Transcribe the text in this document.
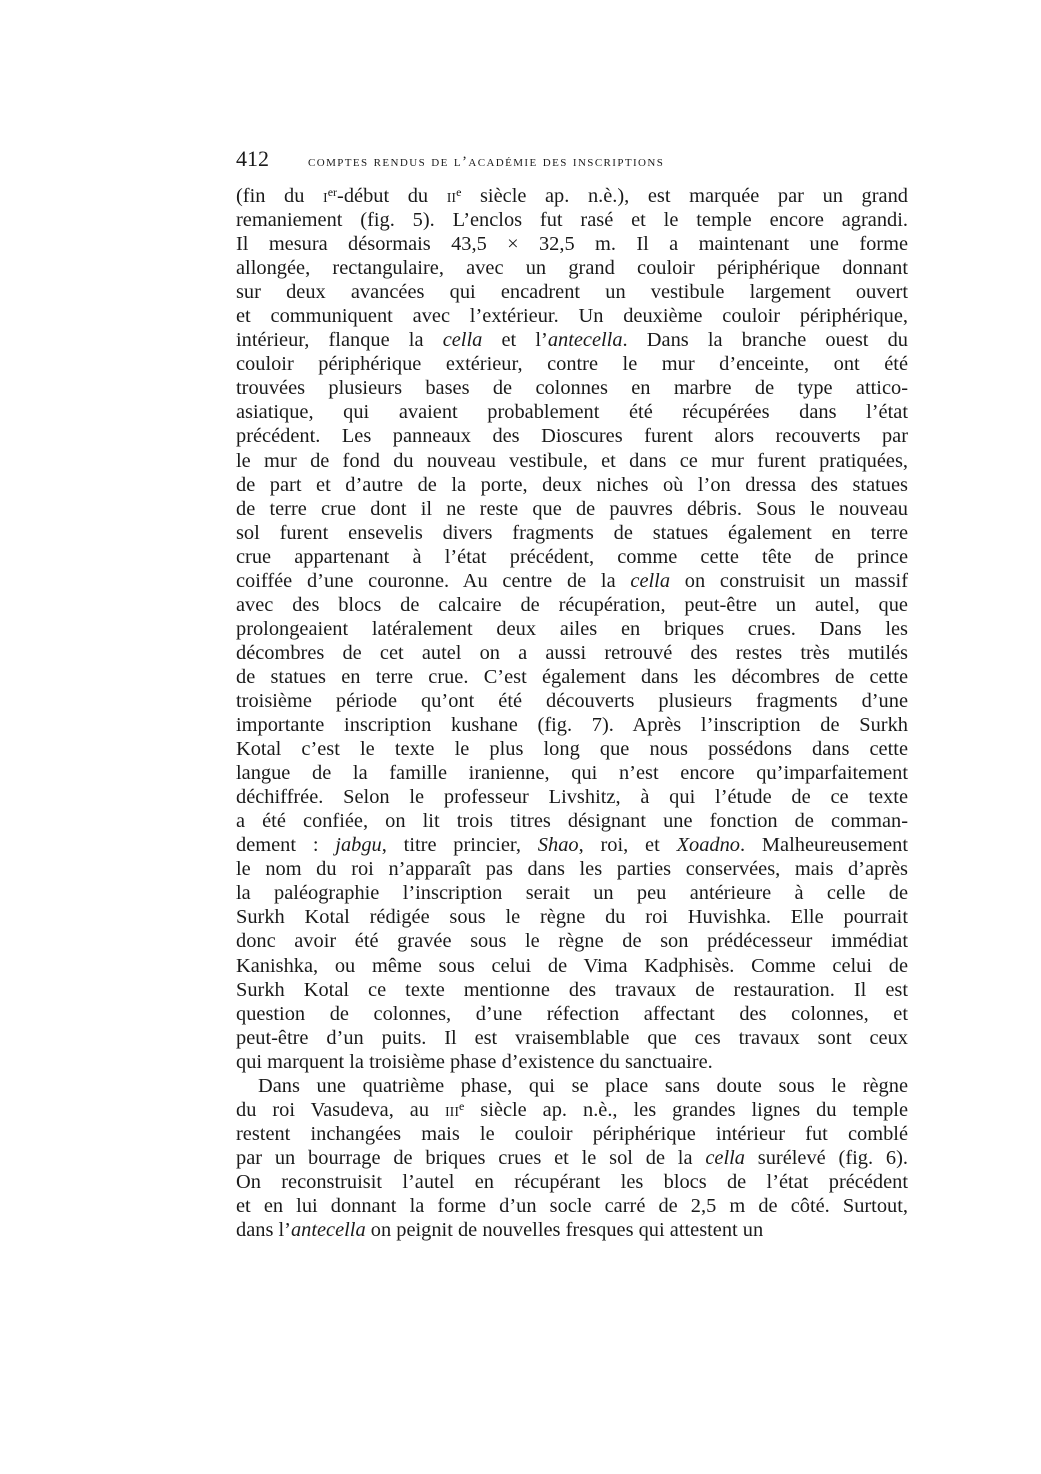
412	comptes rendus de l’académie des inscriptions
(fin du $i^{er}$-début du $ii^e$ siècle ap. n.è.), est marquée par un grand
remaniement (fig. 5). L’enclos fut rasé et le temple encore agrandi.
Il mesura désormais 43,5 × 32,5 m. Il a maintenant une forme
allongée, rectangulaire, avec un grand couloir périphérique donnant
sur deux avancées qui encadrent un vestibule largement ouvert
et communiquent avec l’extérieur. Un deuxième couloir périphérique,
intérieur, flanque la cella et l’antecella. Dans la branche ouest du
couloir périphérique extérieur, contre le mur d’enceinte, ont été
trouvées plusieurs bases de colonnes en marbre de type attico-
asiatique, qui avaient probablement été récupérées dans l’état
précédent. Les panneaux des Dioscures furent alors recouverts par
le mur de fond du nouveau vestibule, et dans ce mur furent pratiquées,
de part et d’autre de la porte, deux niches où l’on dressa des statues
de terre crue dont il ne reste que de pauvres débris. Sous le nouveau
sol furent ensevelis divers fragments de statues également en terre
crue appartenant à l’état précédent, comme cette tête de prince
coiffée d’une couronne. Au centre de la cella on construisit un massif
avec des blocs de calcaire de récupération, peut-être un autel, que
prolongeaient latéralement deux ailes en briques crues. Dans les
décombres de cet autel on a aussi retrouvé des restes très mutilés
de statues en terre crue. C’est également dans les décombres de cette
troisième période qu’ont été découverts plusieurs fragments d’une
importante inscription kushane (fig. 7). Après l’inscription de Surkh
Kotal c’est le texte le plus long que nous possédons dans cette
langue de la famille iranienne, qui n’est encore qu’imparfaitement
déchiffrée. Selon le professeur Livshitz, à qui l’étude de ce texte
a été confiée, on lit trois titres désignant une fonction de comman-
dement : jabgu, titre princier, Shao, roi, et Xoadno. Malheureusement
le nom du roi n’apparaît pas dans les parties conservées, mais d’après
la paléographie l’inscription serait un peu antérieure à celle de
Surkh Kotal rédigée sous le règne du roi Huvishka. Elle pourrait
donc avoir été gravée sous le règne de son prédécesseur immédiat
Kanishka, ou même sous celui de Vima Kadphisès. Comme celui de
Surkh Kotal ce texte mentionne des travaux de restauration. Il est
question de colonnes, d’une réfection affectant des colonnes, et
peut-être d’un puits. Il est vraisemblable que ces travaux sont ceux
qui marquent la troisième phase d’existence du sanctuaire.
Dans une quatrième phase, qui se place sans doute sous le règne
du roi Vasudeva, au iii$^e$ siècle ap. n.è., les grandes lignes du temple
restent inchangées mais le couloir périphérique intérieur fut comblé
par un bourrage de briques crues et le sol de la cella surélevé (fig. 6).
On reconstruisit l’autel en récupérant les blocs de l’état précédent
et en lui donnant la forme d’un socle carré de 2,5 m de côté. Surtout,
dans l’antecella on peignit de nouvelles fresques qui attestent un
